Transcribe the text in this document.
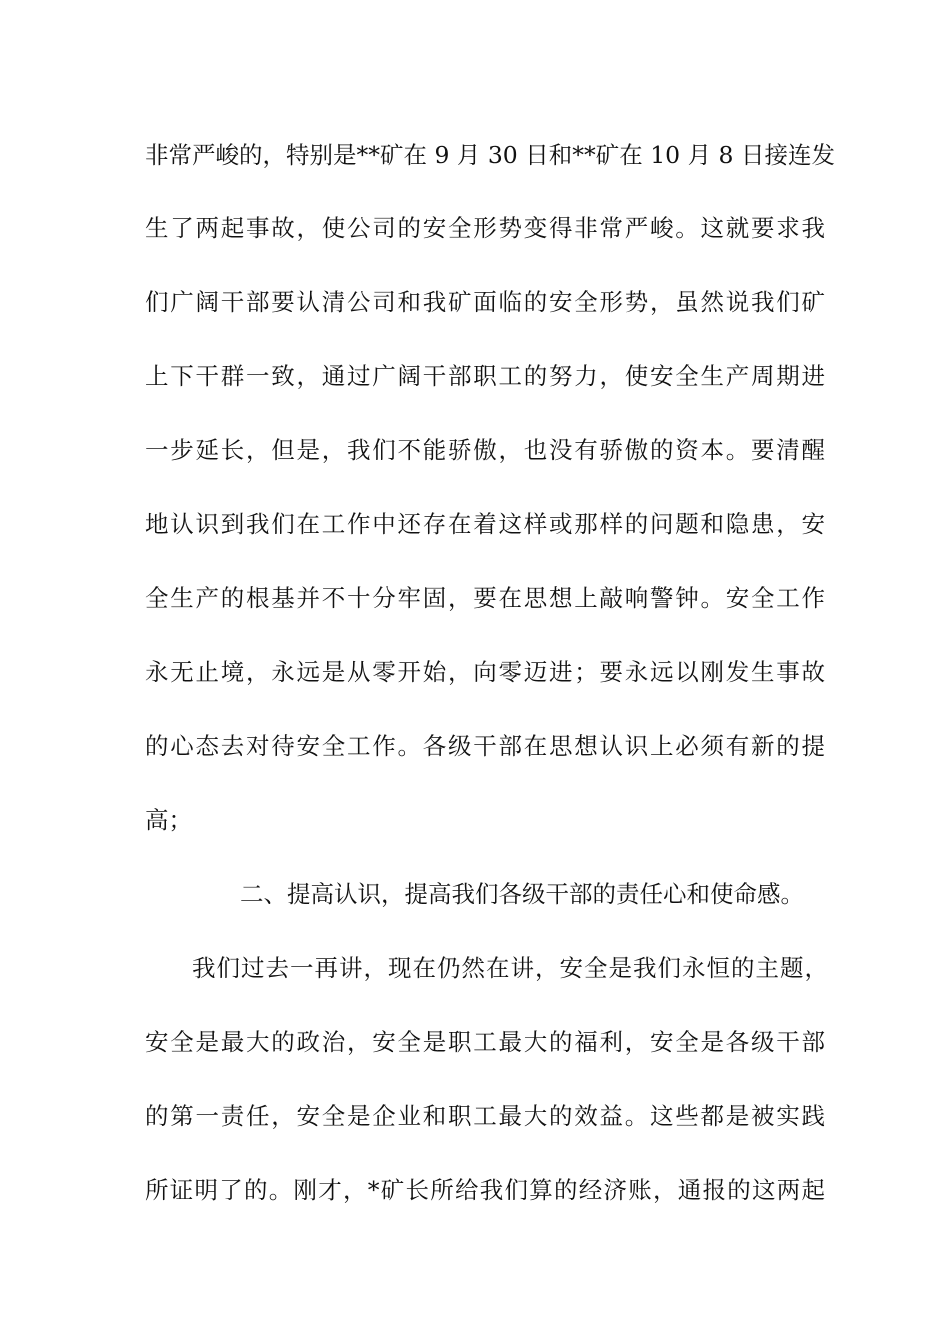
非常严峻的，特别是**矿在 9 月 30 日和**矿在 10 月 8 日接连发
生了两起事故，使公司的安全形势变得非常严峻。这就要求我
们广阔干部要认清公司和我矿面临的安全形势，虽然说我们矿
上下干群一致，通过广阔干部职工的努力，使安全生产周期进
一步延长，但是，我们不能骄傲，也没有骄傲的资本。要清醒
地认识到我们在工作中还存在着这样或那样的问题和隐患，安
全生产的根基并不十分牢固，要在思想上敲响警钟。安全工作
永无止境，永远是从零开始，向零迈进；要永远以刚发生事故
的心态去对待安全工作。各级干部在思想认识上必须有新的提
高；
二、提高认识，提高我们各级干部的责任心和使命感。
我们过去一再讲，现在仍然在讲，安全是我们永恒的主题，
安全是最大的政治，安全是职工最大的福利，安全是各级干部
的第一责任，安全是企业和职工最大的效益。这些都是被实践
所证明了的。刚才，*矿长所给我们算的经济账，通报的这两起
